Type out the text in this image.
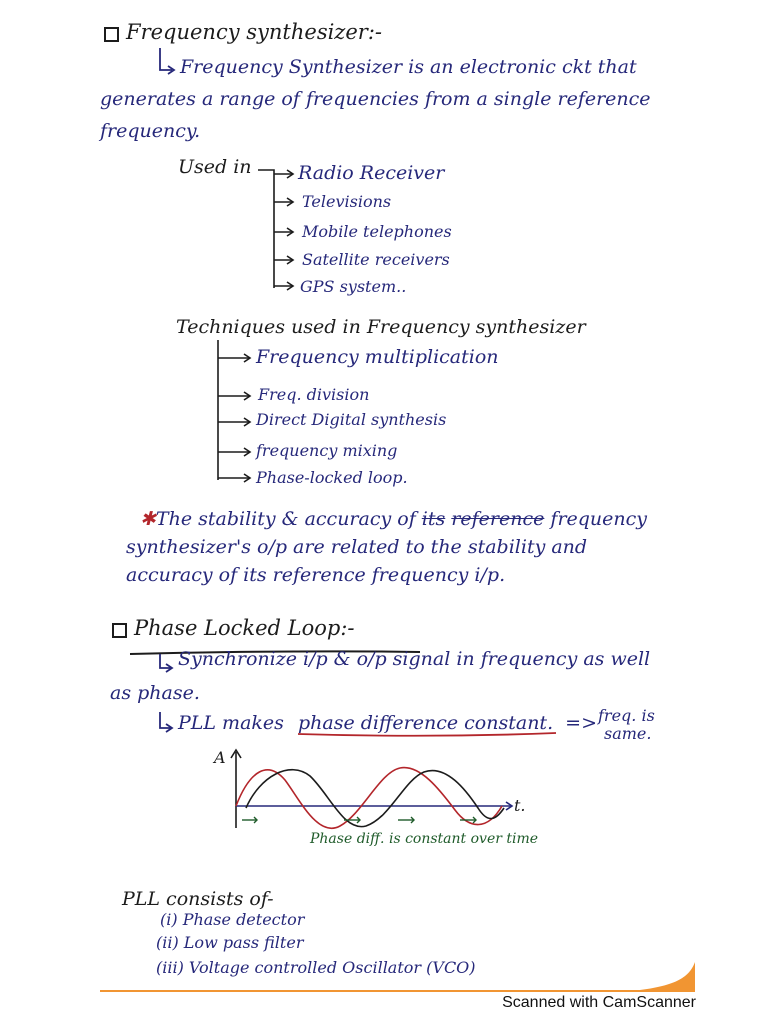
Frequency synthesizer:-
Frequency Synthesizer is an electronic ckt that
generates a range of frequencies from a single reference
frequency.
Used in Radio Receiver
Televisions
Mobile telephones
Satellite receivers
GPS system..
Techniques used in Frequency synthesizer
Frequency multiplication
Freq. division
Direct Digital synthesis
frequency mixing
Phase-locked loop.
✱The stability & accuracy of its reference frequency
synthesizer's o/p are related to the stability and
accuracy of its reference frequency i/p.
Phase Locked Loop:-
Synchronize i/p & o/p signal in frequency as well
as phase.
PLL makes phase difference constant. => freq. is
same.
A
t.
Phase diff. is constant over time
PLL consists of-
(i) Phase detector
(ii) Low pass filter
(iii) Voltage controlled Oscillator (VCO)
Scanned with CamScanner
